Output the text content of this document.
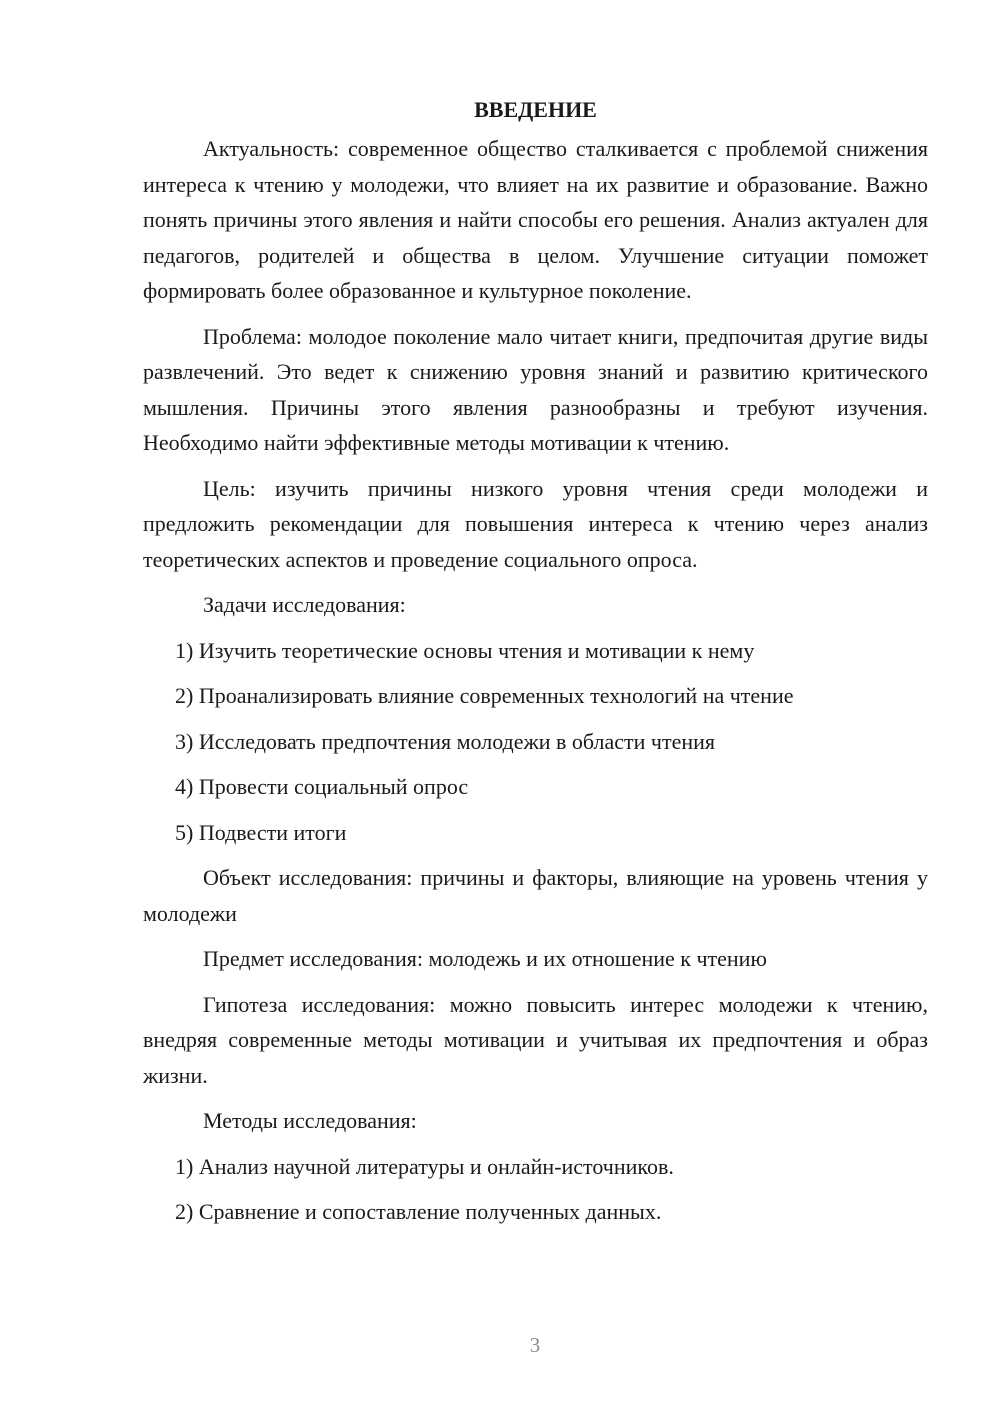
ВВЕДЕНИЕ

Актуальность: современное общество сталкивается с проблемой снижения интереса к чтению у молодежи, что влияет на их развитие и образование. Важно понять причины этого явления и найти способы его решения. Анализ актуален для педагогов, родителей и общества в целом. Улучшение ситуации поможет формировать более образованное и культурное поколение.

Проблема: молодое поколение мало читает книги, предпочитая другие виды развлечений. Это ведет к снижению уровня знаний и развитию критического мышления. Причины этого явления разнообразны и требуют изучения. Необходимо найти эффективные методы мотивации к чтению.

Цель: изучить причины низкого уровня чтения среди молодежи и предложить рекомендации для повышения интереса к чтению через анализ теоретических аспектов и проведение социального опроса.

Задачи исследования:

1) Изучить теоретические основы чтения и мотивации к нему

2) Проанализировать влияние современных технологий на чтение

3) Исследовать предпочтения молодежи в области чтения

4) Провести социальный опрос

5) Подвести итоги

Объект исследования: причины и факторы, влияющие на уровень чтения у молодежи

Предмет исследования: молодежь и их отношение к чтению

Гипотеза исследования: можно повысить интерес молодежи к чтению, внедряя современные методы мотивации и учитывая их предпочтения и образ жизни.

Методы исследования:

1) Анализ научной литературы и онлайн-источников.

2) Сравнение и сопоставление полученных данных.

3
